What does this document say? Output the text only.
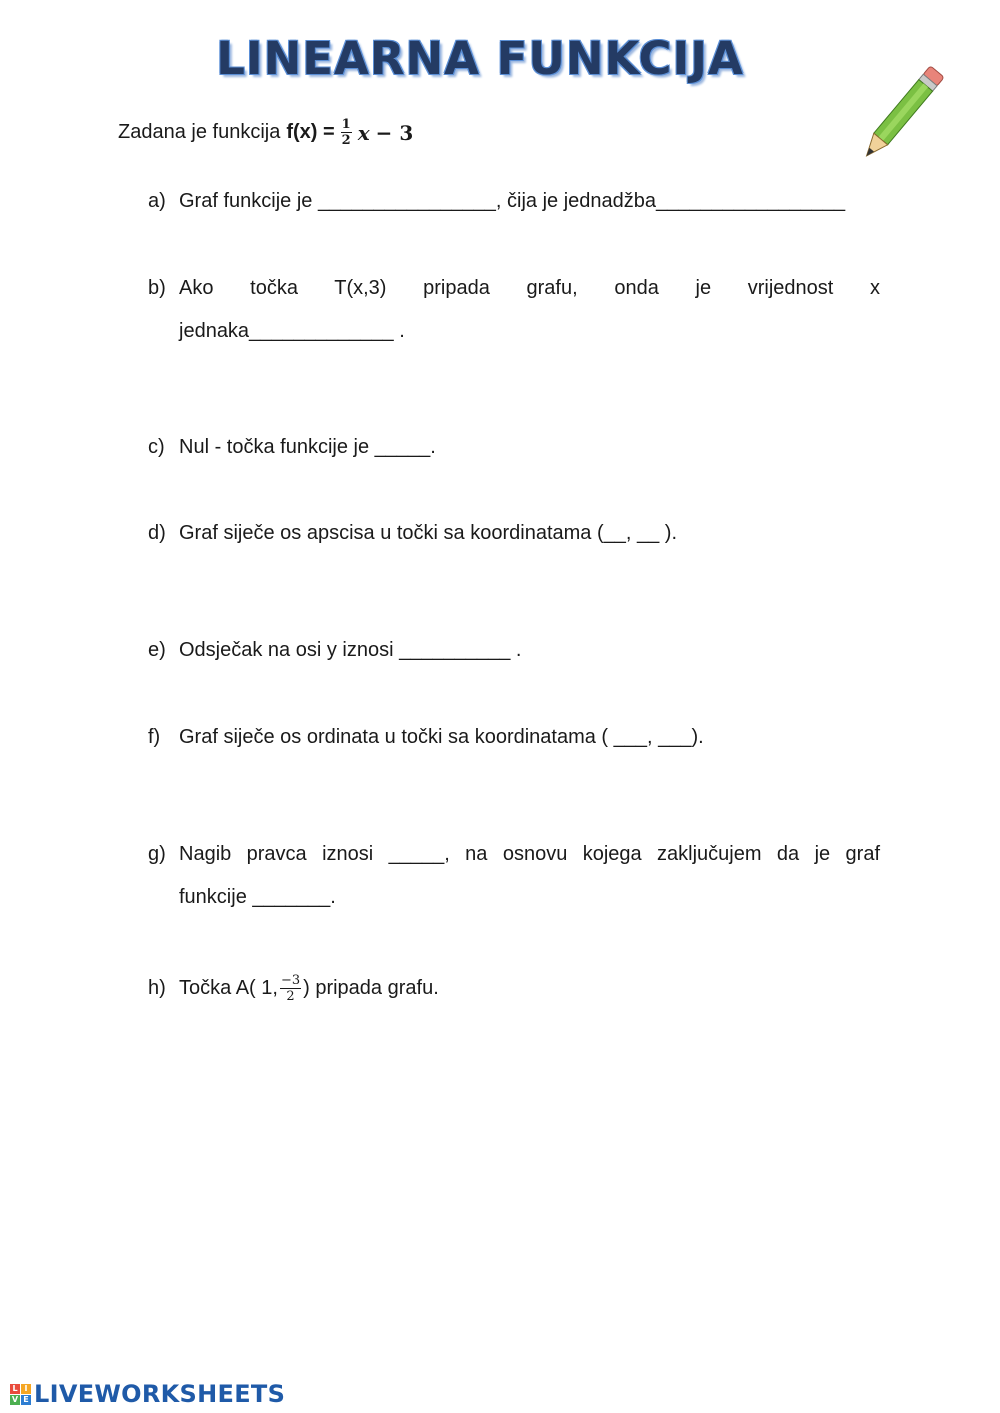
LINEARNA FUNKCIJA
Zadana je funkcija $f(x) = \frac{1}{2}$ x − 3
a) Graf funkcije je ________________, čija je jednadžba_________________
b) Ako točka T(x,3) pripada grafu, onda je vrijednost x
jednaka_____________ .
c) Nul - točka funkcije je _____.
d) Graf siječe os apscisa u točki sa koordinatama (__, __ ).
e) Odsječak na osi y iznosi __________ .
f) Graf siječe os ordinata u točki sa koordinatama ( ___, ___).
g) Nagib pravca iznosi _____, na osnovu kojega zaključujem da je graf
funkcije _______.
h) Točka A( 1, $\frac{-3}{2}$ ) pripada grafu.
L I
V E LIVEWORKSHEETS
